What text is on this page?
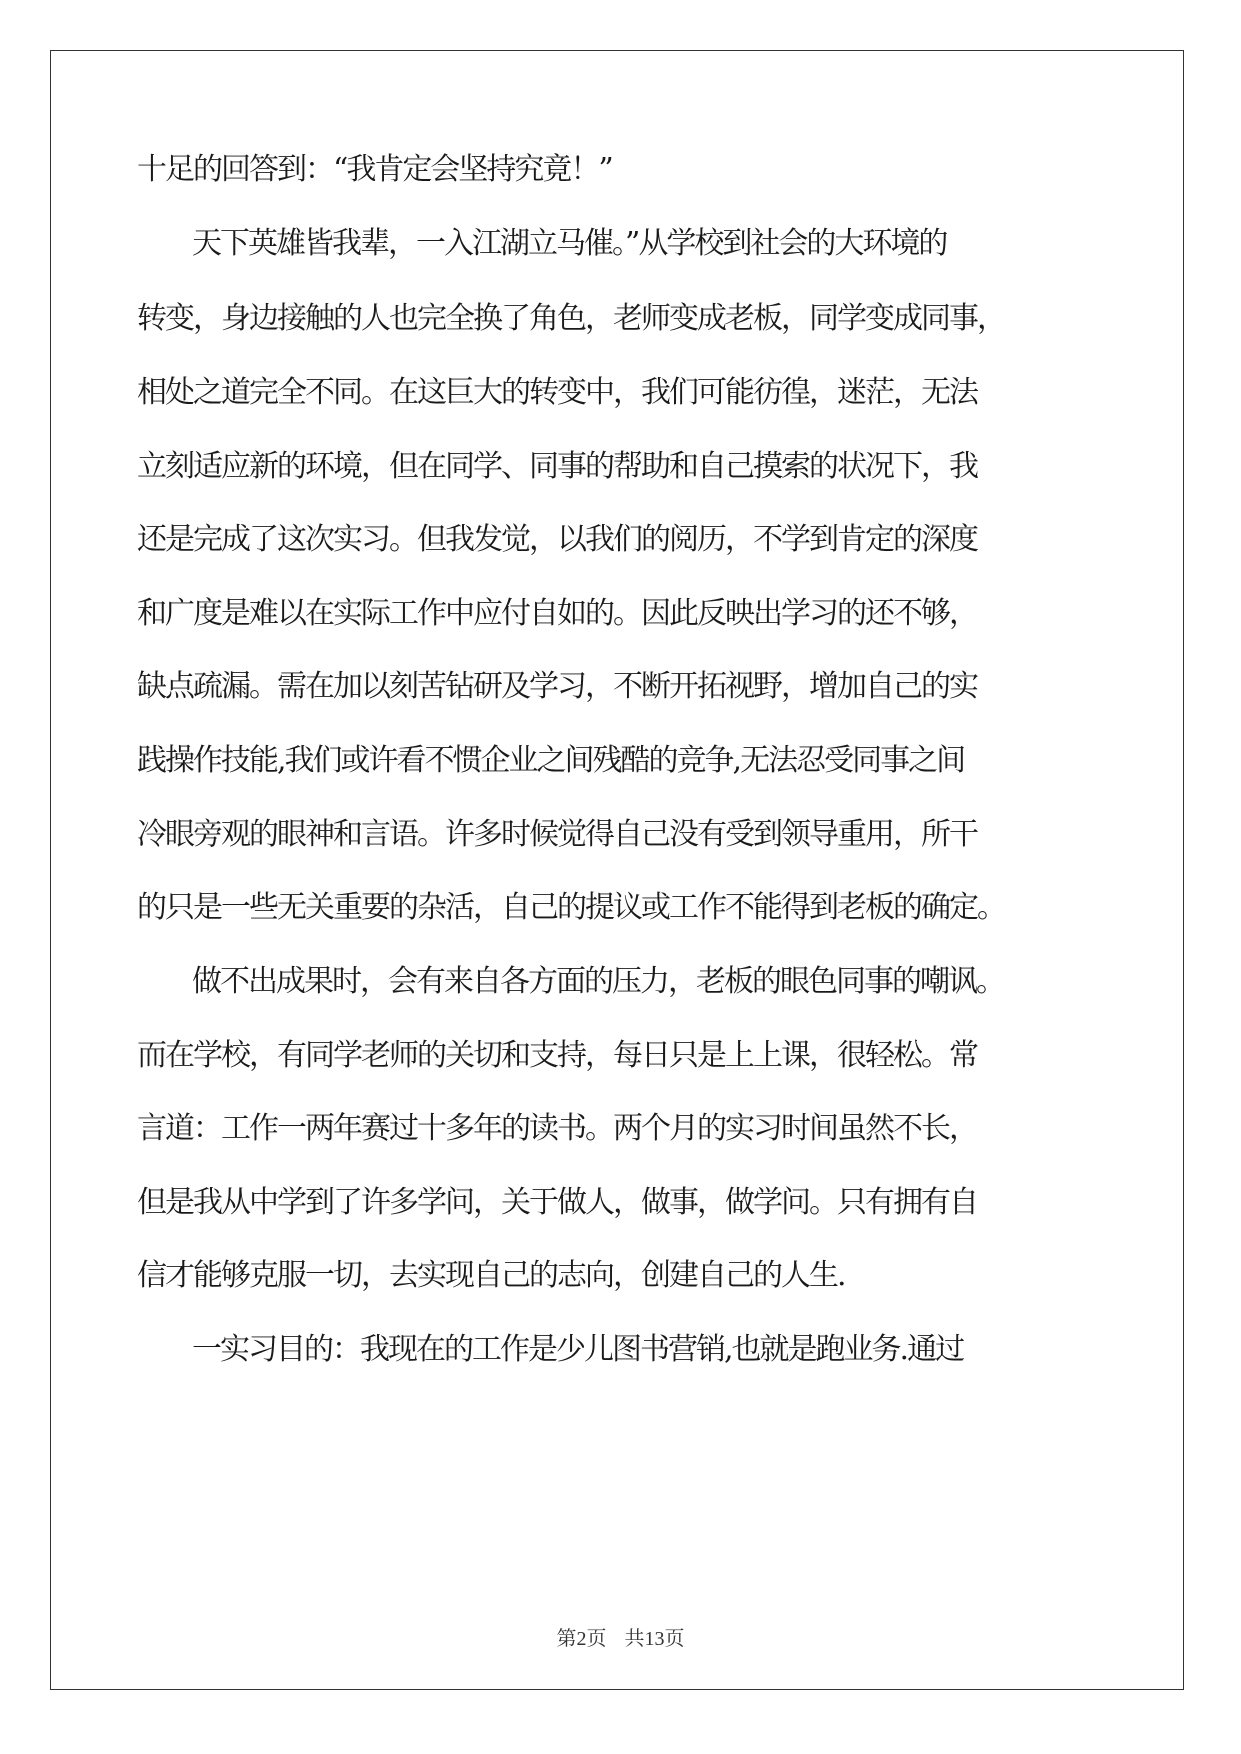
十足的回答到：“我肯定会坚持究竟！”
天下英雄皆我辈，一入江湖立马催。”从学校到社会的大环境的
转变，身边接触的人也完全换了角色，老师变成老板，同学变成同事，
相处之道完全不同。在这巨大的转变中，我们可能彷徨，迷茫，无法
立刻适应新的环境，但在同学、同事的帮助和自己摸索的状况下，我
还是完成了这次实习。但我发觉，以我们的阅历，不学到肯定的深度
和广度是难以在实际工作中应付自如的。因此反映出学习的还不够，
缺点疏漏。需在加以刻苦钻研及学习，不断开拓视野，增加自己的实
践操作技能,我们或许看不惯企业之间残酷的竞争,无法忍受同事之间
冷眼旁观的眼神和言语。许多时候觉得自己没有受到领导重用，所干
的只是一些无关重要的杂活，自己的提议或工作不能得到老板的确定。
做不出成果时，会有来自各方面的压力，老板的眼色同事的嘲讽。
而在学校，有同学老师的关切和支持，每日只是上上课，很轻松。常
言道：工作一两年赛过十多年的读书。两个月的实习时间虽然不长，
但是我从中学到了许多学问，关于做人，做事，做学问。只有拥有自
信才能够克服一切，去实现自己的志向，创建自己的人生.
一实习目的：我现在的工作是少儿图书营销,也就是跑业务.通过
第2页 共13页
